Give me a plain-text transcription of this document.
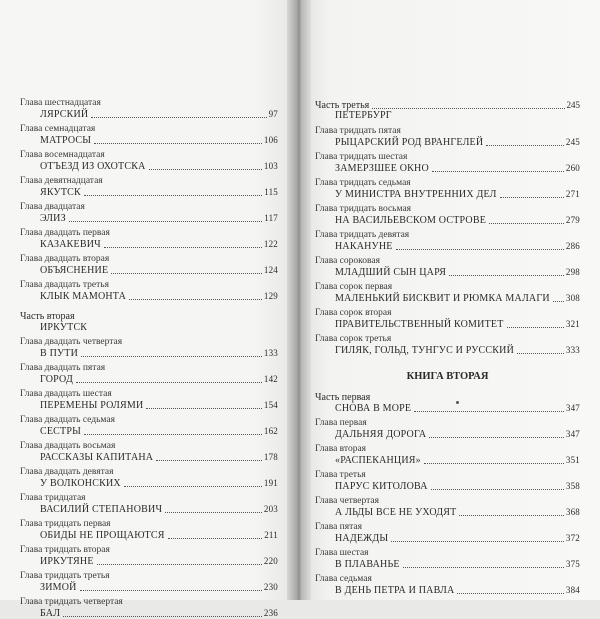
Глава шестнадцатая
ЛЯРСКИЙ	97
Глава семнадцатая
МАТРОСЫ	106
Глава восемнадцатая
ОТЪЕЗД ИЗ ОХОТСКА	103
Глава девятнадцатая
ЯКУТСК	115
Глава двадцатая
ЭЛИЗ	117
Глава двадцать первая
КАЗАКЕВИЧ	122
Глава двадцать вторая
ОБЪЯСНЕНИЕ	124
Глава двадцать третья
КЛЫК МАМОНТА	129
Часть вторая
ИРКУТСК
Глава двадцать четвертая
В ПУТИ	133
Глава двадцать пятая
ГОРОД	142
Глава двадцать шестая
ПЕРЕМЕНЫ РОЛЯМИ	154
Глава двадцать седьмая
СЕСТРЫ	162
Глава двадцать восьмая
РАССКАЗЫ КАПИТАНА	178
Глава двадцать девятая
У ВОЛКОНСКИХ	191
Глава тридцатая
ВАСИЛИЙ СТЕПАНОВИЧ	203
Глава тридцать первая
ОБИДЫ НЕ ПРОЩАЮТСЯ	211
Глава тридцать вторая
ИРКУТЯНЕ	220
Глава тридцать третья
ЗИМОЙ	230
Глава тридцать четвертая
БАЛ	236
Часть третья	245
ПЕТЕРБУРГ
Глава тридцать пятая
РЫЦАРСКИЙ РОД ВРАНГЕЛЕЙ	245
Глава тридцать шестая
ЗАМЕРЗШЕЕ ОКНО	260
Глава тридцать седьмая
У МИНИСТРА ВНУТРЕННИХ ДЕЛ	271
Глава тридцать восьмая
НА ВАСИЛЬЕВСКОМ ОСТРОВЕ	279
Глава тридцать девятая
НАКАНУНЕ	286
Глава сороковая
МЛАДШИЙ СЫН ЦАРЯ	298
Глава сорок первая
МАЛЕНЬКИЙ БИСКВИТ И РЮМКА МАЛАГИ 308
Глава сорок вторая
ПРАВИТЕЛЬСТВЕННЫЙ КОМИТЕТ	321
Глава сорок третья
ГИЛЯК, ГОЛЬД, ТУНГУС И РУССКИЙ	333
КНИГА ВТОРАЯ
Часть первая
СНОВА В МОРЕ	347
Глава первая
ДАЛЬНЯЯ ДОРОГА	347
Глава вторая
«РАСПЕКАНЦИЯ»	351
Глава третья
ПАРУС КИТОЛОВА	358
Глава четвертая
А ЛЬДЫ ВСЕ НЕ УХОДЯТ	368
Глава пятая
НАДЕЖДЫ	372
Глава шестая
В ПЛАВАНЬЕ	375
Глава седьмая
В ДЕНЬ ПЕТРА И ПАВЛА	384
